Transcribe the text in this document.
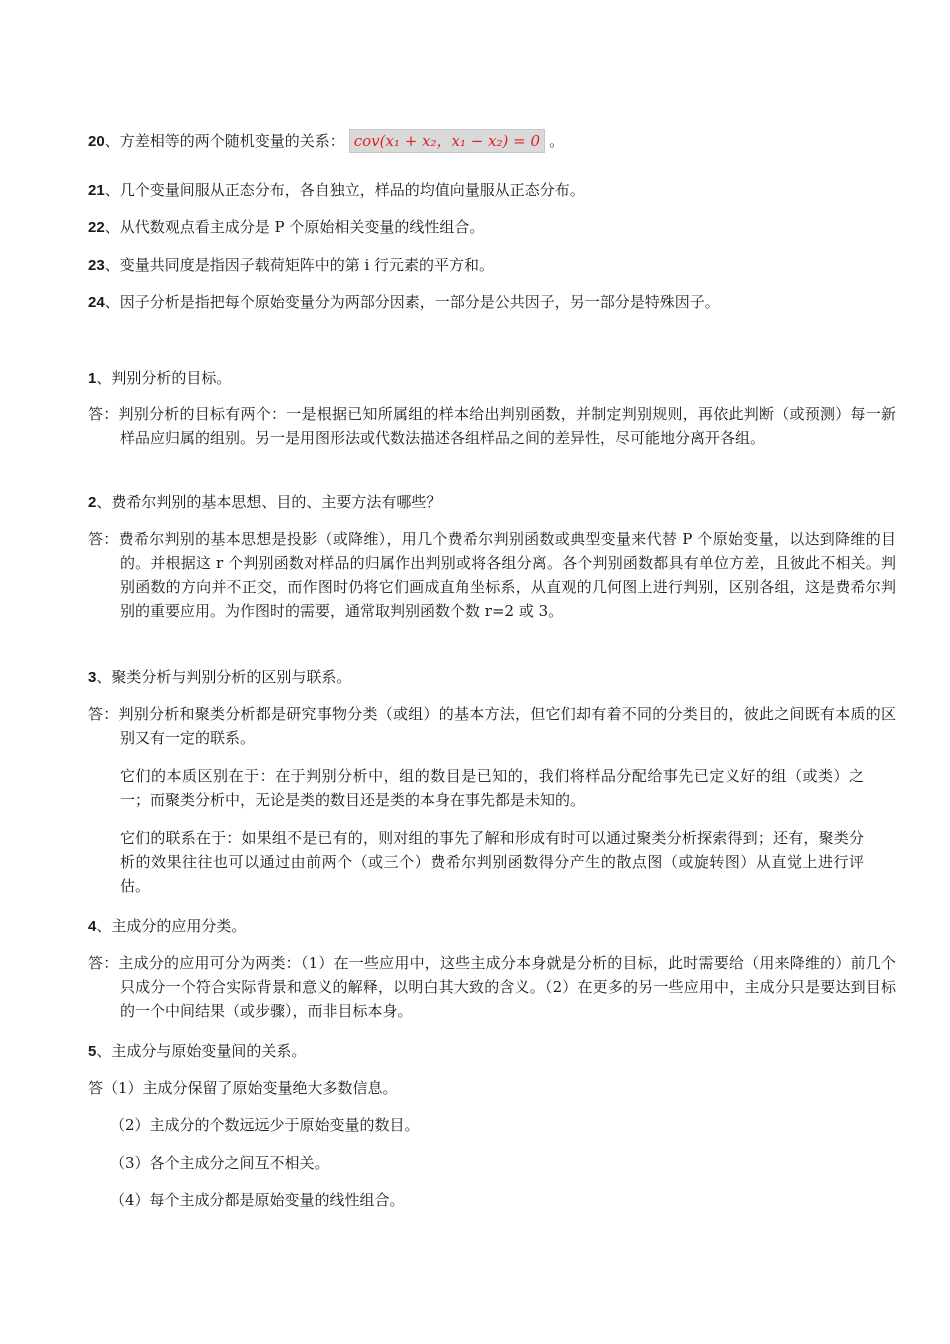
20、方差相等的两个随机变量的关系： cov(x₁ + x₂，x₁ − x₂) = 0 。
21、几个变量间服从正态分布，各自独立，样品的均值向量服从正态分布。
22、从代数观点看主成分是 P 个原始相关变量的线性组合。
23、变量共同度是指因子载荷矩阵中的第 i 行元素的平方和。
24、因子分析是指把每个原始变量分为两部分因素，一部分是公共因子，另一部分是特殊因子。
1、判别分析的目标。
答：判别分析的目标有两个：一是根据已知所属组的样本给出判别函数，并制定判别规则，再依此判断（或预测）每一新样品应归属的组别。另一是用图形法或代数法描述各组样品之间的差异性，尽可能地分离开各组。
2、费希尔判别的基本思想、目的、主要方法有哪些？
答：费希尔判别的基本思想是投影（或降维），用几个费希尔判别函数或典型变量来代替 P 个原始变量，以达到降维的目的。并根据这 r 个判别函数对样品的归属作出判别或将各组分离。各个判别函数都具有单位方差，且彼此不相关。判别函数的方向并不正交，而作图时仍将它们画成直角坐标系，从直观的几何图上进行判别，区别各组，这是费希尔判别的重要应用。为作图时的需要，通常取判别函数个数 r=2 或 3。
3、聚类分析与判别分析的区别与联系。
答：判别分析和聚类分析都是研究事物分类（或组）的基本方法，但它们却有着不同的分类目的，彼此之间既有本质的区别又有一定的联系。
它们的本质区别在于：在于判别分析中，组的数目是已知的，我们将样品分配给事先已定义好的组（或类）之一；而聚类分析中，无论是类的数目还是类的本身在事先都是未知的。
它们的联系在于：如果组不是已有的，则对组的事先了解和形成有时可以通过聚类分析探索得到；还有，聚类分析的效果往往也可以通过由前两个（或三个）费希尔判别函数得分产生的散点图（或旋转图）从直觉上进行评估。
4、主成分的应用分类。
答：主成分的应用可分为两类：（1）在一些应用中，这些主成分本身就是分析的目标，此时需要给（用来降维的）前几个只成分一个符合实际背景和意义的解释，以明白其大致的含义。（2）在更多的另一些应用中，主成分只是要达到目标的一个中间结果（或步骤），而非目标本身。
5、主成分与原始变量间的关系。
答（1）主成分保留了原始变量绝大多数信息。
（2）主成分的个数远远少于原始变量的数目。
（3）各个主成分之间互不相关。
（4）每个主成分都是原始变量的线性组合。
